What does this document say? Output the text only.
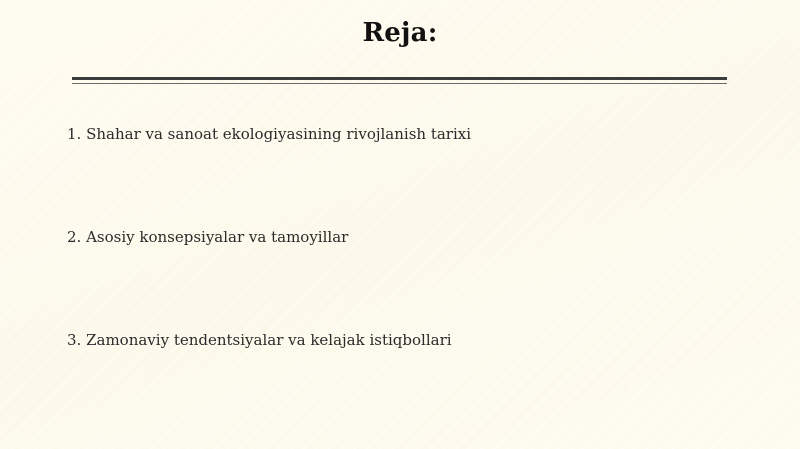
Reja:
1. Shahar va sanoat ekologiyasining rivojlanish tarixi
2. Asosiy konsepsiyalar va tamoyillar
3. Zamonaviy tendentsiyalar va kelajak istiqbollari
